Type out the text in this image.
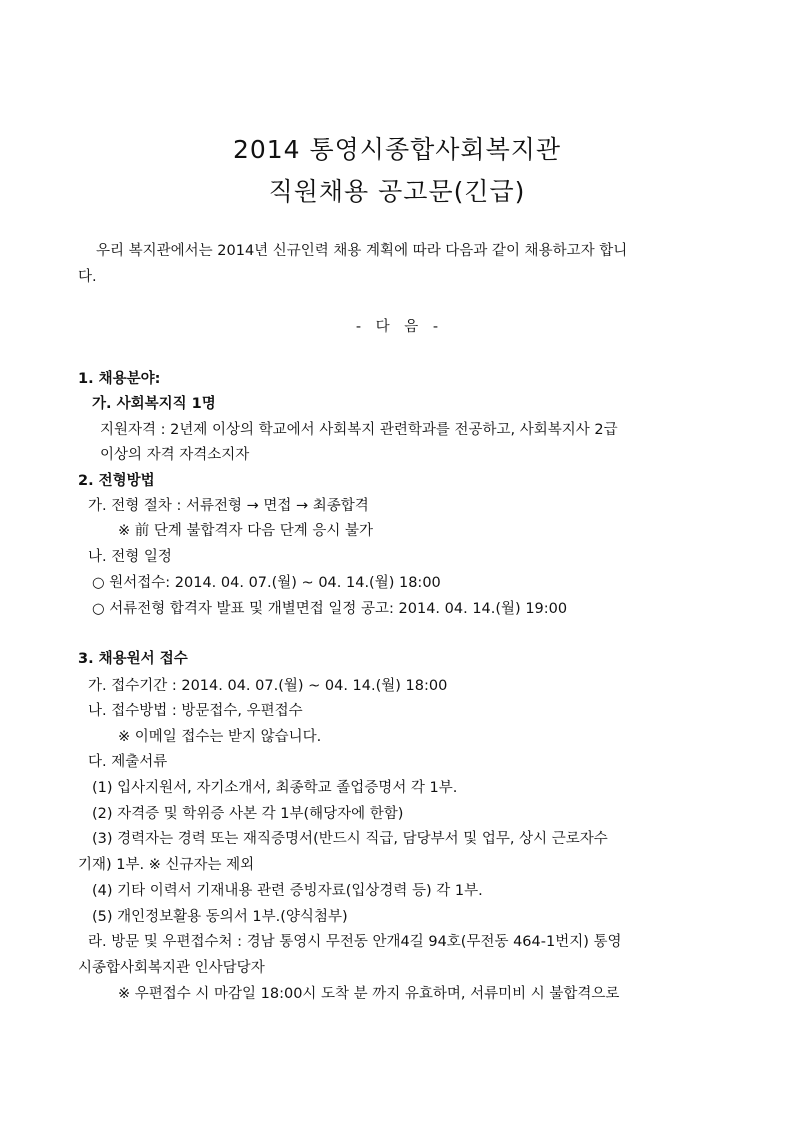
2014 통영시종합사회복지관
직원채용 공고문(긴급)
우리 복지관에서는 2014년 신규인력 채용 계획에 따라 다음과 같이 채용하고자 합니
다.
- 다 음 -
1. 채용분야:
가. 사회복지직 1명
지원자격 : 2년제 이상의 학교에서 사회복지 관련학과를 전공하고, 사회복지사 2급
이상의 자격 자격소지자
2. 전형방법
가. 전형 절차 : 서류전형 → 면접 → 최종합격
※ 前 단계 불합격자 다음 단계 응시 불가
나. 전형 일정
○ 원서접수: 2014. 04. 07.(월) ~ 04. 14.(월) 18:00
○ 서류전형 합격자 발표 및 개별면접 일정 공고: 2014. 04. 14.(월) 19:00
3. 채용원서 접수
가. 접수기간 : 2014. 04. 07.(월) ~ 04. 14.(월) 18:00
나. 접수방법 : 방문접수, 우편접수
※ 이메일 접수는 받지 않습니다.
다. 제출서류
(1) 입사지원서, 자기소개서, 최종학교 졸업증명서 각 1부.
(2) 자격증 및 학위증 사본 각 1부(해당자에 한함)
(3) 경력자는 경력 또는 재직증명서(반드시 직급, 담당부서 및 업무, 상시 근로자수
기재) 1부. ※ 신규자는 제외
(4) 기타 이력서 기재내용 관련 증빙자료(입상경력 등) 각 1부.
(5) 개인정보활용 동의서 1부.(양식첨부)
라. 방문 및 우편접수처 : 경남 통영시 무전동 안개4길 94호(무전동 464-1번지) 통영
시종합사회복지관 인사담당자
※ 우편접수 시 마감일 18:00시 도착 분 까지 유효하며, 서류미비 시 불합격으로
